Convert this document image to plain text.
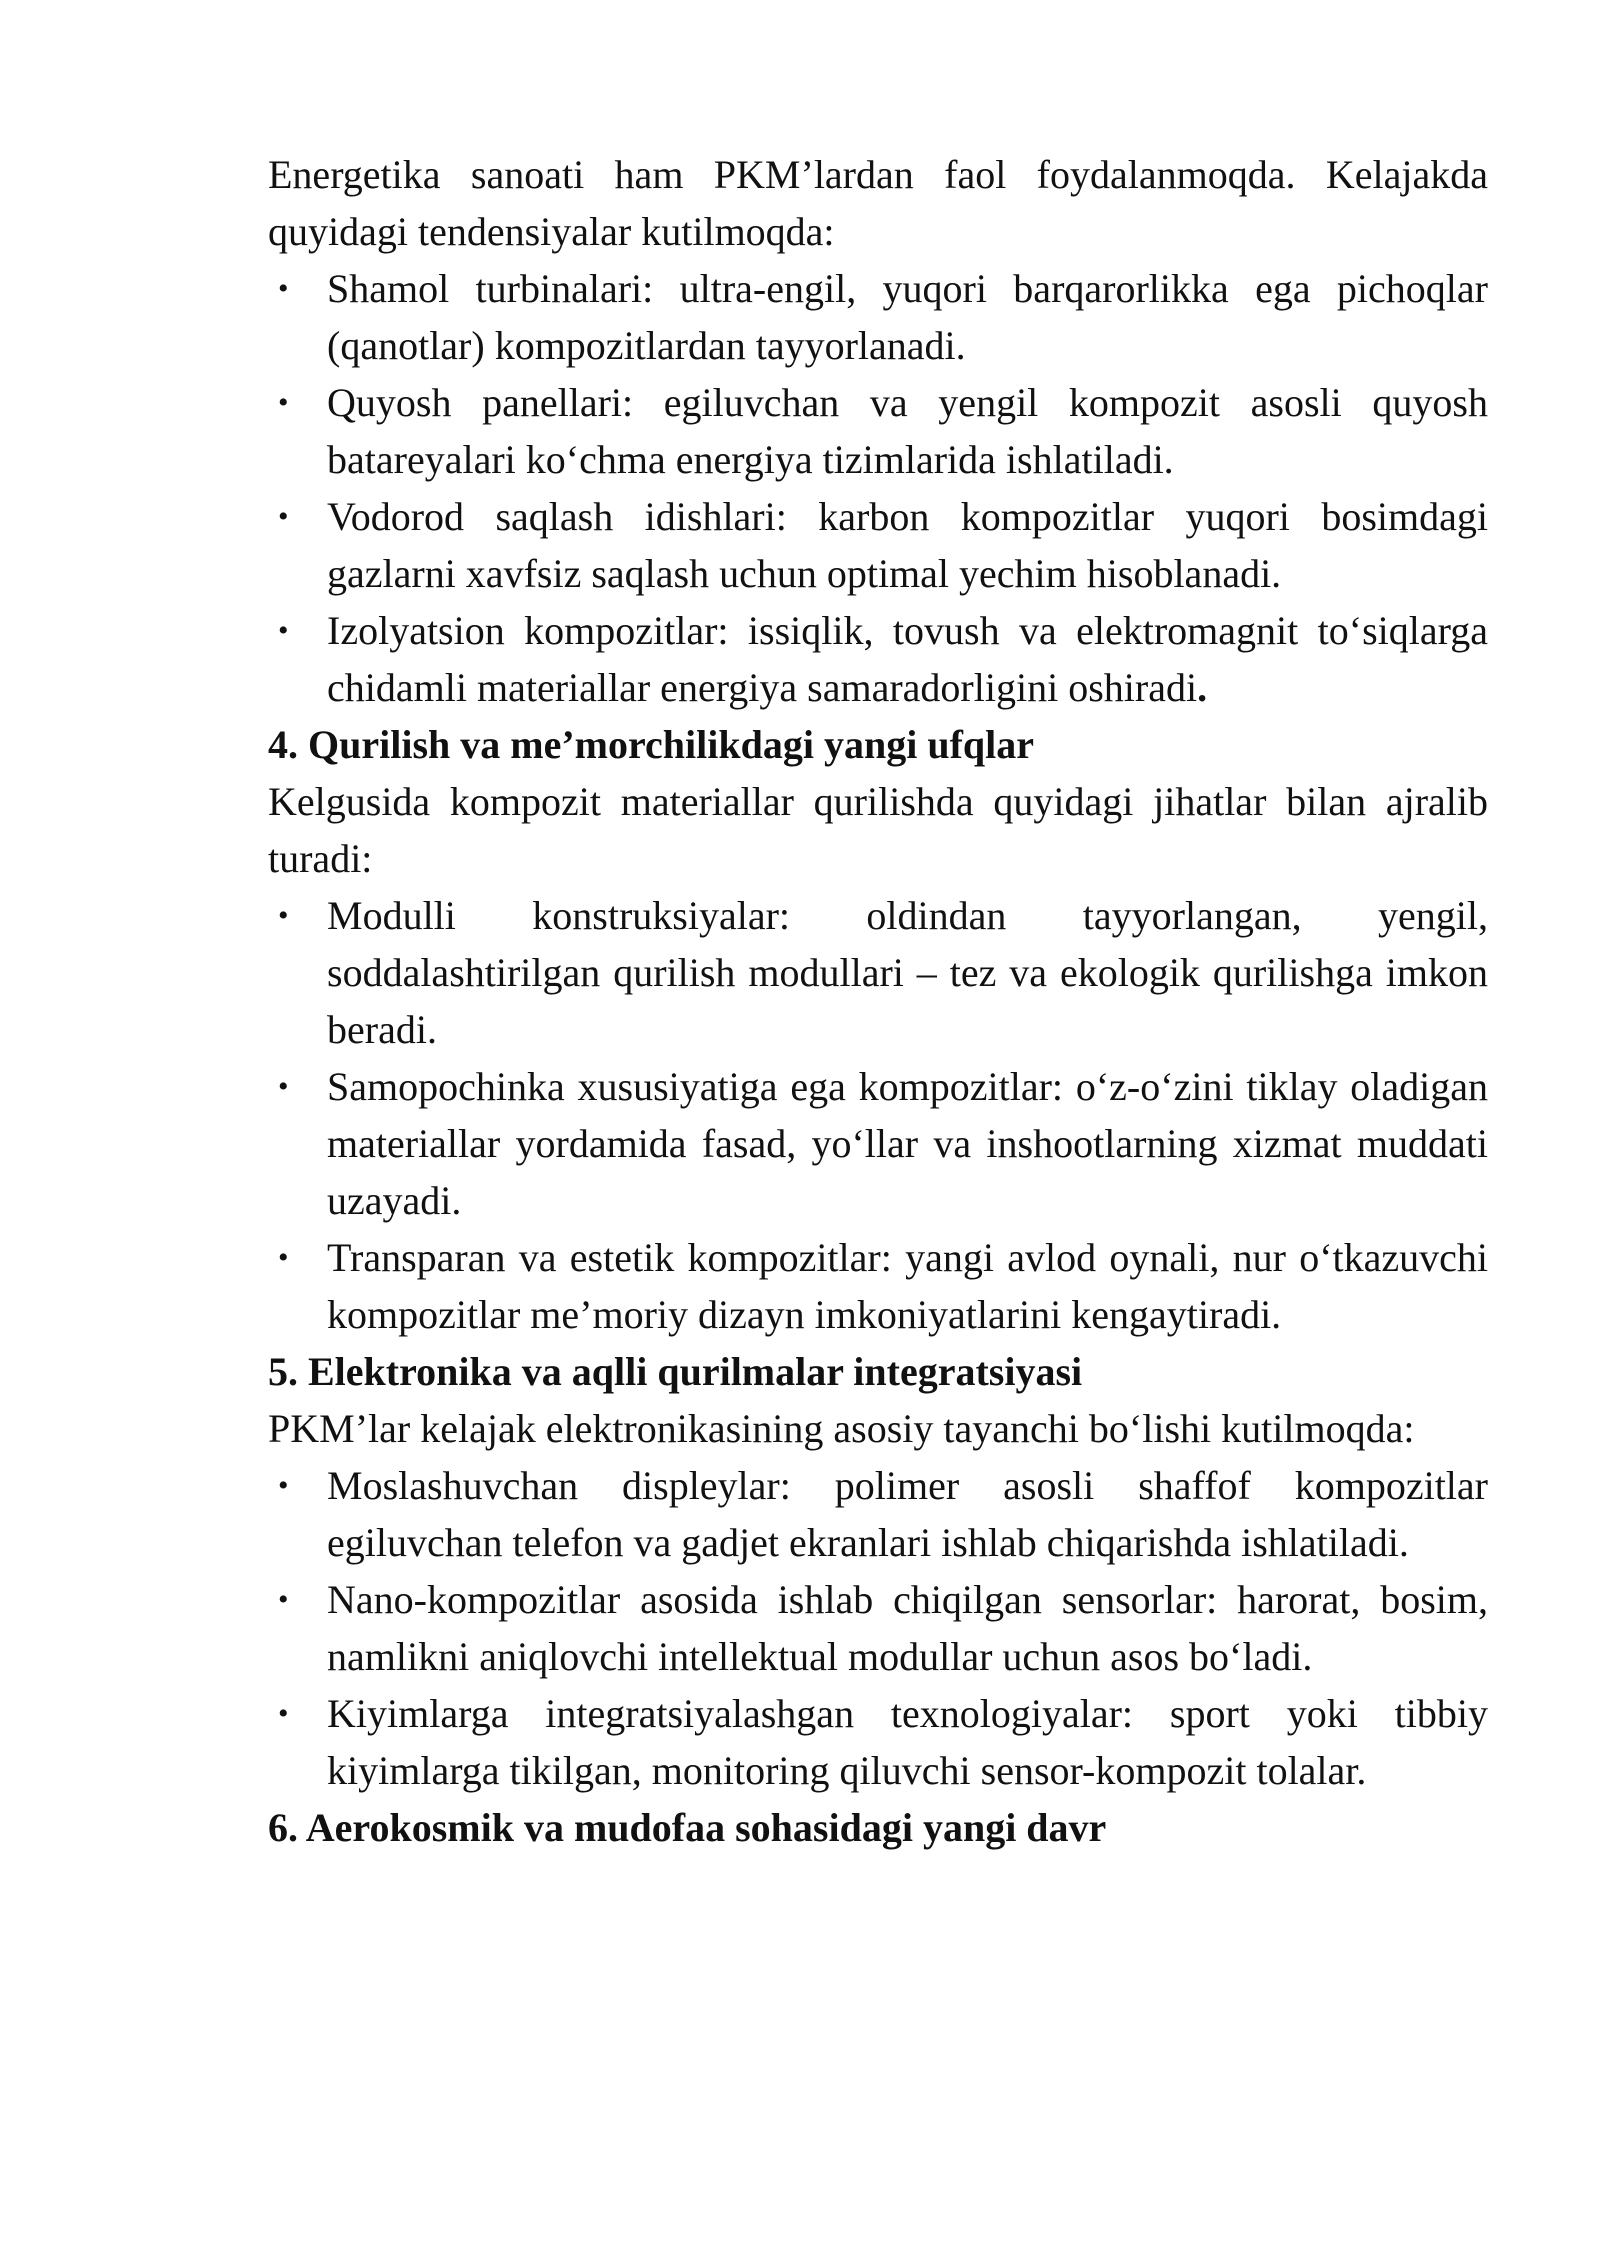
Energetika sanoati ham PKM’lardan faol foydalanmoqda. Kelajakda quyidagi tendensiyalar kutilmoqda:

• Shamol turbinalari: ultra-engil, yuqori barqarorlikka ega pichoqlar (qanotlar) kompozitlardan tayyorlanadi.
• Quyosh panellari: egiluvchan va yengil kompozit asosli quyosh batareyalari ko‘chma energiya tizimlarida ishlatiladi.
• Vodorod saqlash idishlari: karbon kompozitlar yuqori bosimdagi gazlarni xavfsiz saqlash uchun optimal yechim hisoblanadi.
• Izolyatsion kompozitlar: issiqlik, tovush va elektromagnit to‘siqlarga chidamli materiallar energiya samaradorligini oshiradi.
4. Qurilish va me’morchilikdagi yangi ufqlar

Kelgusida kompozit materiallar qurilishda quyidagi jihatlar bilan ajralib turadi:

• Modulli konstruksiyalar: oldindan tayyorlangan, yengil, soddalashtirilgan qurilish modullari – tez va ekologik qurilishga imkon beradi.
• Samopochinka xususiyatiga ega kompozitlar: o‘z-o‘zini tiklay oladigan materiallar yordamida fasad, yo‘llar va inshootlarning xizmat muddati uzayadi.
• Transparan va estetik kompozitlar: yangi avlod oynali, nur o‘tkazuvchi kompozitlar me’moriy dizayn imkoniyatlarini kengaytiradi.
5. Elektronika va aqlli qurilmalar integratsiyasi

PKM’lar kelajak elektronikasining asosiy tayanchi bo‘lishi kutilmoqda:

• Moslashuvchan displeylar: polimer asosli shaffof kompozitlar egiluvchan telefon va gadjet ekranlari ishlab chiqarishda ishlatiladi.
• Nano-kompozitlar asosida ishlab chiqilgan sensorlar: harorat, bosim, namlikni aniqlovchi intellektual modullar uchun asos bo‘ladi.
• Kiyimlarga integratsiyalashgan texnologiyalar: sport yoki tibbiy kiyimlarga tikilgan, monitoring qiluvchi sensor-kompozit tolalar.
6. Aerokosmik va mudofaa sohasidagi yangi davr
